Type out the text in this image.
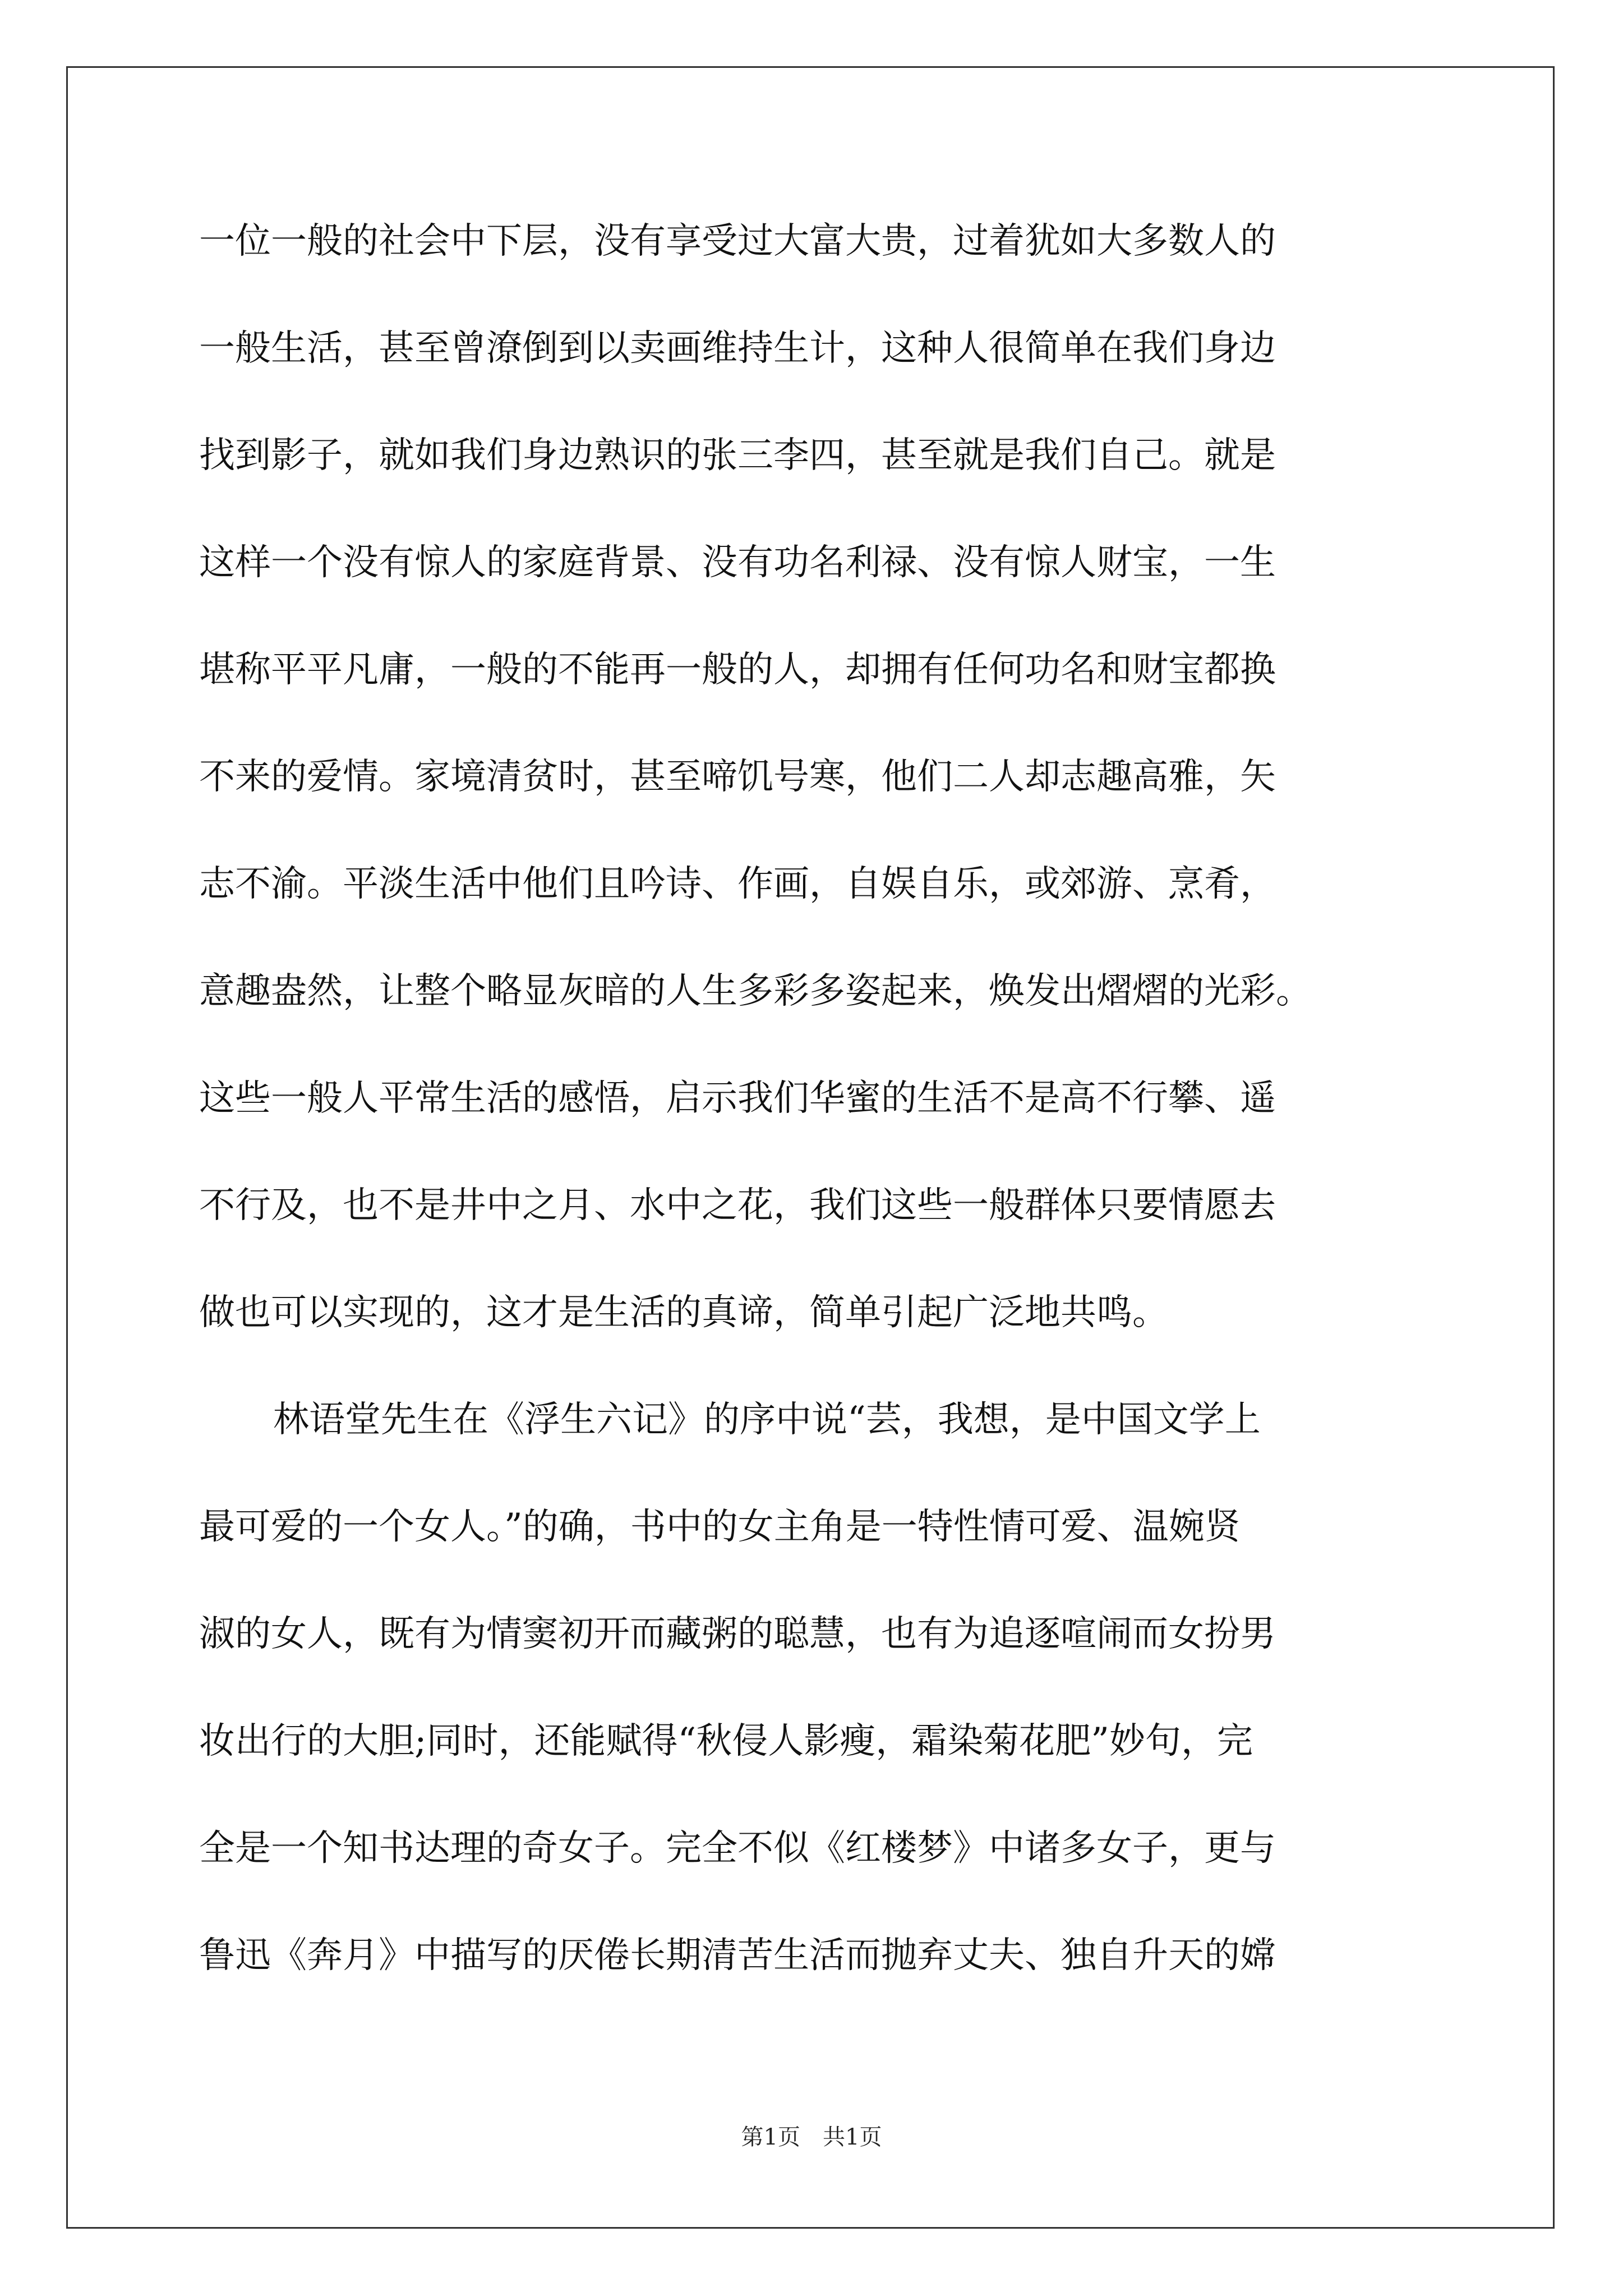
一位一般的社会中下层，没有享受过大富大贵，过着犹如大多数人的
一般生活，甚至曾潦倒到以卖画维持生计，这种人很简单在我们身边
找到影子，就如我们身边熟识的张三李四，甚至就是我们自己。就是
这样一个没有惊人的家庭背景、没有功名利禄、没有惊人财宝，一生
堪称平平凡庸，一般的不能再一般的人，却拥有任何功名和财宝都换
不来的爱情。家境清贫时，甚至啼饥号寒，他们二人却志趣高雅，矢
志不渝。平淡生活中他们且吟诗、作画，自娱自乐，或郊游、烹肴，
意趣盎然，让整个略显灰暗的人生多彩多姿起来，焕发出熠熠的光彩。
这些一般人平常生活的感悟，启示我们华蜜的生活不是高不行攀、遥
不行及，也不是井中之月、水中之花，我们这些一般群体只要情愿去
做也可以实现的，这才是生活的真谛，简单引起广泛地共鸣。
林语堂先生在《浮生六记》的序中说“芸，我想，是中国文学上
最可爱的一个女人。”的确，书中的女主角是一特性情可爱、温婉贤
淑的女人，既有为情窦初开而藏粥的聪慧，也有为追逐喧闹而女扮男
妆出行的大胆;同时，还能赋得“秋侵人影瘦，霜染菊花肥”妙句，完
全是一个知书达理的奇女子。完全不似《红楼梦》中诸多女子，更与
鲁迅《奔月》中描写的厌倦长期清苦生活而抛弃丈夫、独自升天的嫦
第1页 共1页
